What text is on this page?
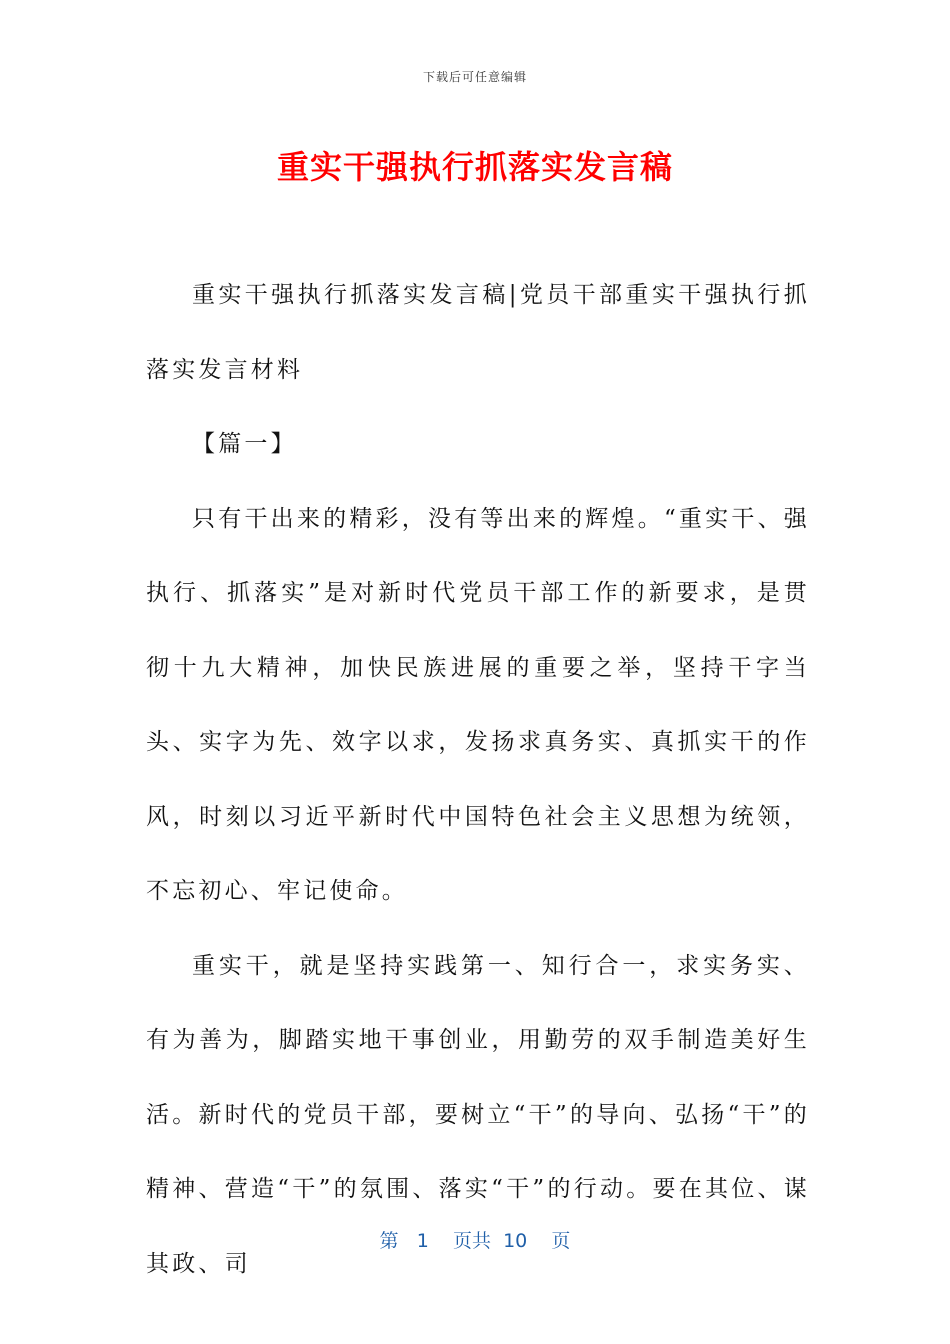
下载后可任意编辑
重实干强执行抓落实发言稿

重实干强执行抓落实发言稿|党员干部重实干强执行抓落实发言材料

【篇一】

只有干出来的精彩，没有等出来的辉煌。“重实干、强执行、抓落实”是对新时代党员干部工作的新要求，是贯彻十九大精神，加快民族进展的重要之举，坚持干字当头、实字为先、效字以求，发扬求真务实、真抓实干的作风，时刻以习近平新时代中国特色社会主义思想为统领，不忘初心、牢记使命。

重实干，就是坚持实践第一、知行合一，求实务实、有为善为，脚踏实地干事创业，用勤劳的双手制造美好生活。新时代的党员干部，要树立“干”的导向、弘扬“干”的精神、营造“干”的氛围、落实“干”的行动。要在其位、谋其政、司

第 1 页共 10 页
